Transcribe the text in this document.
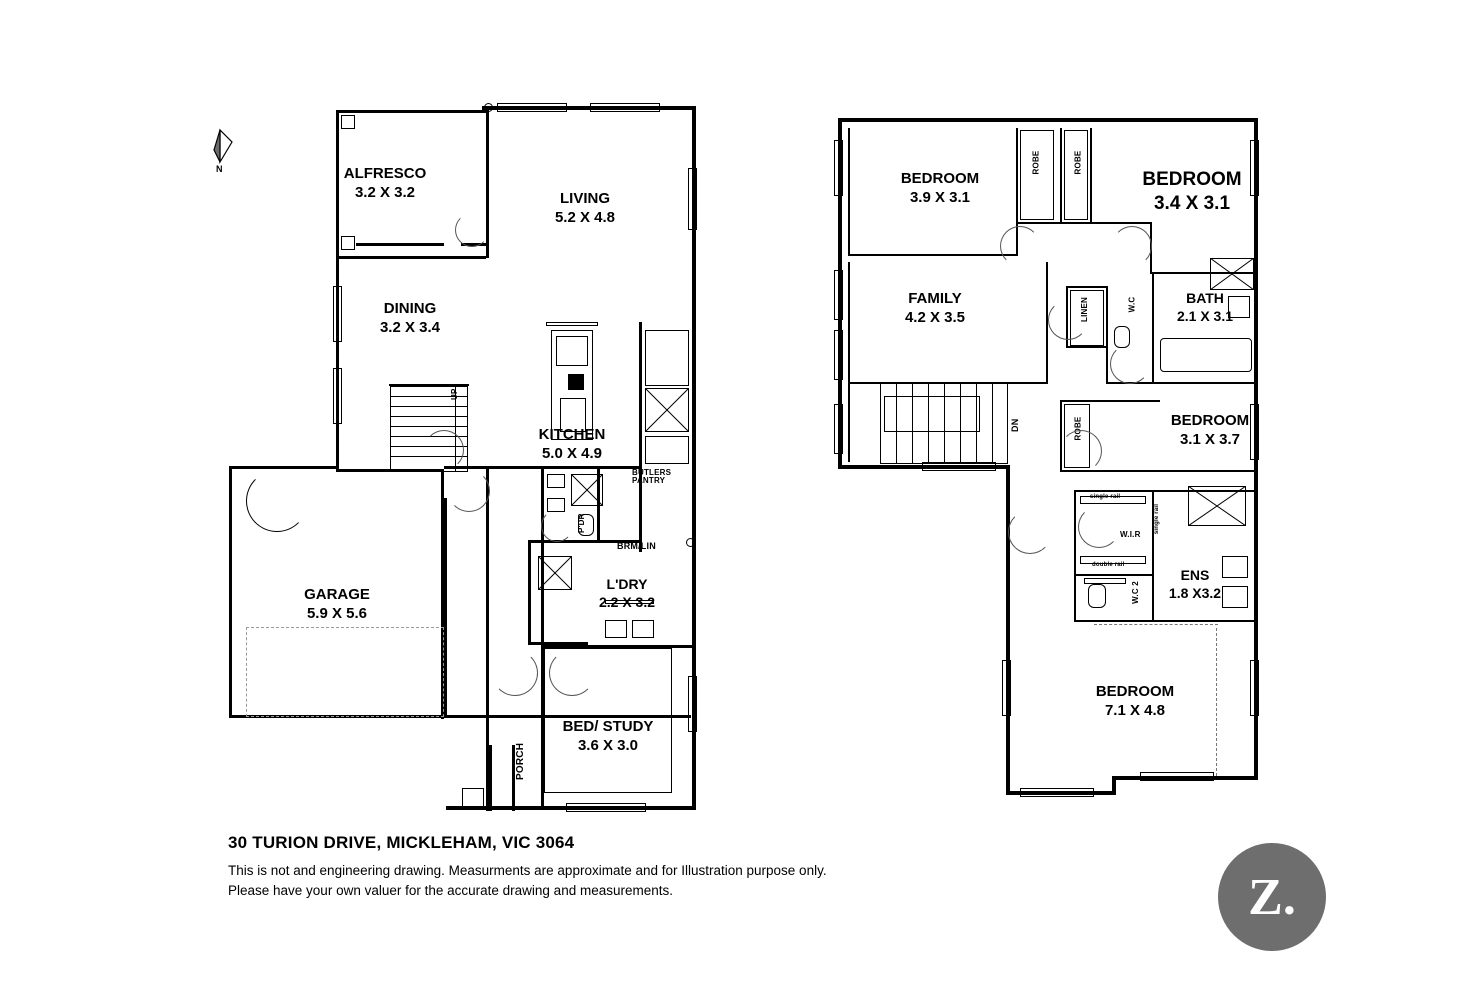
N
UP
ALFRESCO
3.2 X 3.2	LIVING
5.2 X 4.8
DINING
3.2 X 3.4
KITCHEN
5.0 X 4.9
GARAGE
5.9 X 5.6
L'DRY
2.2 X 3.2
BED/ STUDY
3.6 X 3.0
BUTLERS PANTRY
P'DR
BRM/LIN
PORCH
ROBE	ROBE
LINEN	W.C
DN	ROBE
single rail
single rail
double rail
W.I.R
W.C 2
BEDROOM
3.9 X 3.1
BEDROOM
3.4 X 3.1
FAMILY
4.2 X 3.5
BATH
2.1 X 3.1
BEDROOM
3.1 X 3.7
ENS
1.8 X3.2
BEDROOM
7.1 X 4.8

30 TURION DRIVE, MICKLEHAM, VIC 3064

This is not and engineering drawing. Measurments are approximate and for Illustration purpose only.

Please have your own valuer for the accurate drawing and measurements.	Z.
